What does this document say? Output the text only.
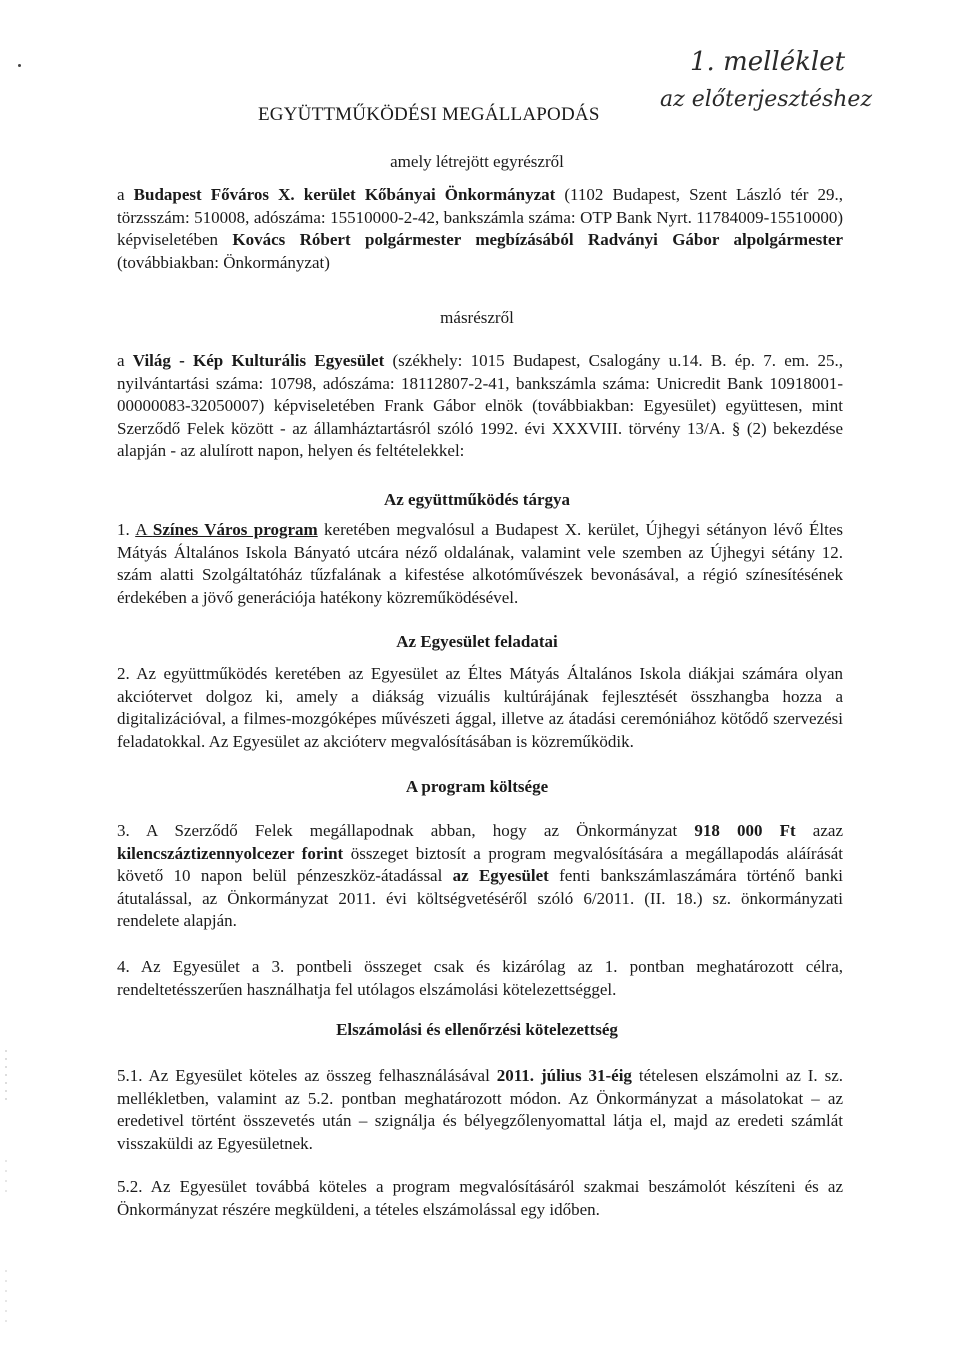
1. melléklet
az előterjesztéshez
EGYÜTTMŰKÖDÉSI MEGÁLLAPODÁS
amely létrejött egyrészről
a Budapest Főváros X. kerület Kőbányai Önkormányzat (1102 Budapest, Szent László tér 29., törzsszám: 510008, adószáma: 15510000-2-42, bankszámla száma: OTP Bank Nyrt. 11784009-15510000) képviseletében Kovács Róbert polgármester megbízásából Radványi Gábor alpolgármester (továbbiakban: Önkormányzat)
másrészről
a Világ - Kép Kulturális Egyesület (székhely: 1015 Budapest, Csalogány u.14. B. ép. 7. em. 25., nyilvántartási száma: 10798, adószáma: 18112807-2-41, bankszámla száma: Unicredit Bank 10918001-00000083-32050007) képviseletében Frank Gábor elnök (továbbiakban: Egyesület) együttesen, mint Szerződő Felek között - az államháztartásról szóló 1992. évi XXXVIII. törvény 13/A. § (2) bekezdése alapján - az alulírott napon, helyen és feltételekkel:
Az együttműködés tárgya
1. A Színes Város program keretében megvalósul a Budapest X. kerület, Újhegyi sétányon lévő Éltes Mátyás Általános Iskola Bányató utcára néző oldalának, valamint vele szemben az Újhegyi sétány 12. szám alatti Szolgáltatóház tűzfalának a kifestése alkotóművészek bevonásával, a régió színesítésének érdekében a jövő generációja hatékony közreműködésével.
Az Egyesület feladatai
2. Az együttműködés keretében az Egyesület az Éltes Mátyás Általános Iskola diákjai számára olyan akciótervet dolgoz ki, amely a diákság vizuális kultúrájának fejlesztését összhangba hozza a digitalizációval, a filmes-mozgóképes művészeti ággal, illetve az átadási ceremóniához kötődő szervezési feladatokkal. Az Egyesület az akcióterv megvalósításában is közreműködik.
A program költsége
3. A Szerződő Felek megállapodnak abban, hogy az Önkormányzat 918 000 Ft azaz kilencszáztizennyolcezer forint összeget biztosít a program megvalósítására a megállapodás aláírását követő 10 napon belül pénzeszköz-átadással az Egyesület fenti bankszámlaszámára történő banki átutalással, az Önkormányzat 2011. évi költségvetéséről szóló 6/2011. (II. 18.) sz. önkormányzati rendelete alapján.
4. Az Egyesület a 3. pontbeli összeget csak és kizárólag az 1. pontban meghatározott célra, rendeltetésszerűen használhatja fel utólagos elszámolási kötelezettséggel.
Elszámolási és ellenőrzési kötelezettség
5.1. Az Egyesület köteles az összeg felhasználásával 2011. július 31-éig tételesen elszámolni az I. sz. mellékletben, valamint az 5.2. pontban meghatározott módon. Az Önkormányzat a másolatokat – az eredetivel történt összevetés után – szignálja és bélyegzőlenyomattal látja el, majd az eredeti számlát visszaküldi az Egyesületnek.
5.2. Az Egyesület továbbá köteles a program megvalósításáról szakmai beszámolót készíteni és az Önkormányzat részére megküldeni, a tételes elszámolással egy időben.
